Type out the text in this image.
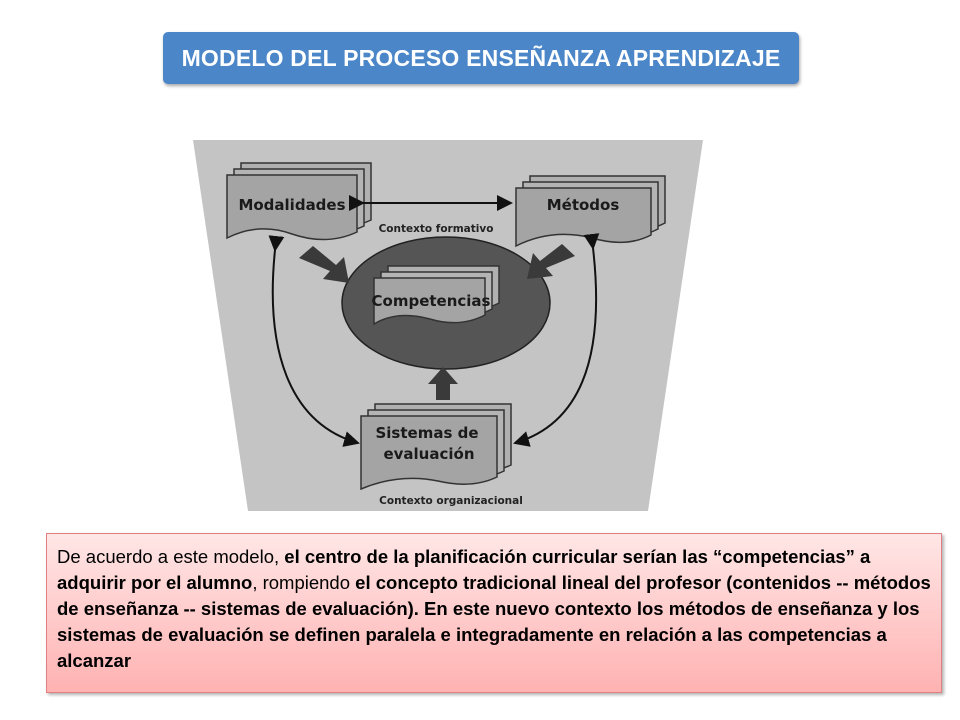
MODELO DEL PROCESO ENSEÑANZA APRENDIZAJE
Modalidades	Métodos
Contexto formativo
Competencias
Sistemas de
evaluación
Contexto organizacional
De acuerdo a este modelo, el centro de la planificación curricular serían las “competencias” a adquirir por el alumno, rompiendo el concepto tradicional lineal del profesor (contenidos -- métodos de enseñanza -- sistemas de evaluación). En este nuevo contexto los métodos de enseñanza y los sistemas de evaluación se definen paralela e integradamente en relación a las competencias a alcanzar
